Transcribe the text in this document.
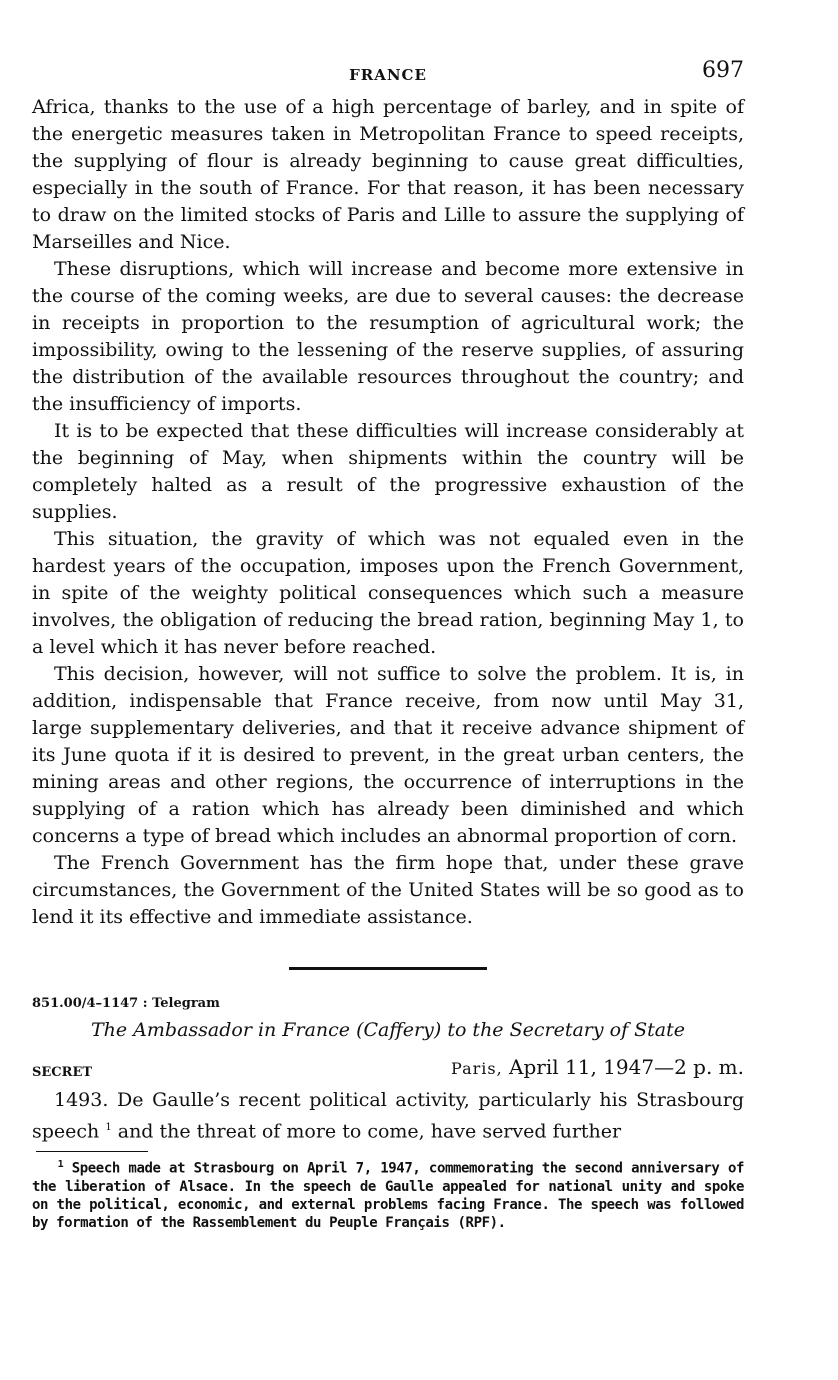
FRANCE	697

Africa, thanks to the use of a high percentage of barley, and in spite of the energetic measures taken in Metropolitan France to speed receipts, the supplying of flour is already beginning to cause great difficulties, especially in the south of France. For that reason, it has been necessary to draw on the limited stocks of Paris and Lille to assure the supplying of Marseilles and Nice.

These disruptions, which will increase and become more extensive in the course of the coming weeks, are due to several causes: the decrease in receipts in proportion to the resumption of agricultural work; the impossibility, owing to the lessening of the reserve supplies, of assuring the distribution of the available resources throughout the country; and the insufficiency of imports.

It is to be expected that these difficulties will increase considerably at the beginning of May, when shipments within the country will be completely halted as a result of the progressive exhaustion of the supplies.

This situation, the gravity of which was not equaled even in the hardest years of the occupation, imposes upon the French Government, in spite of the weighty political consequences which such a measure involves, the obligation of reducing the bread ration, beginning May 1, to a level which it has never before reached.

This decision, however, will not suffice to solve the problem. It is, in addition, indispensable that France receive, from now until May 31, large supplementary deliveries, and that it receive advance shipment of its June quota if it is desired to prevent, in the great urban centers, the mining areas and other regions, the occurrence of interruptions in the supplying of a ration which has already been diminished and which concerns a type of bread which includes an abnormal proportion of corn.

The French Government has the firm hope that, under these grave circumstances, the Government of the United States will be so good as to lend it its effective and immediate assistance.

851.00/4–1147 : Telegram
The Ambassador in France (Caffery) to the Secretary of State
SECRET	Paris, April 11, 1947—2 p. m.

1493. De Gaulle’s recent political activity, particularly his Strasbourg speech $^1$ and the threat of more to come, have served further

$^1$ Speech made at Strasbourg on April 7, 1947, commemorating the second anniversary of the liberation of Alsace. In the speech de Gaulle appealed for national unity and spoke on the political, economic, and external problems facing France. The speech was followed by formation of the Rassemblement du Peuple Français (RPF).
